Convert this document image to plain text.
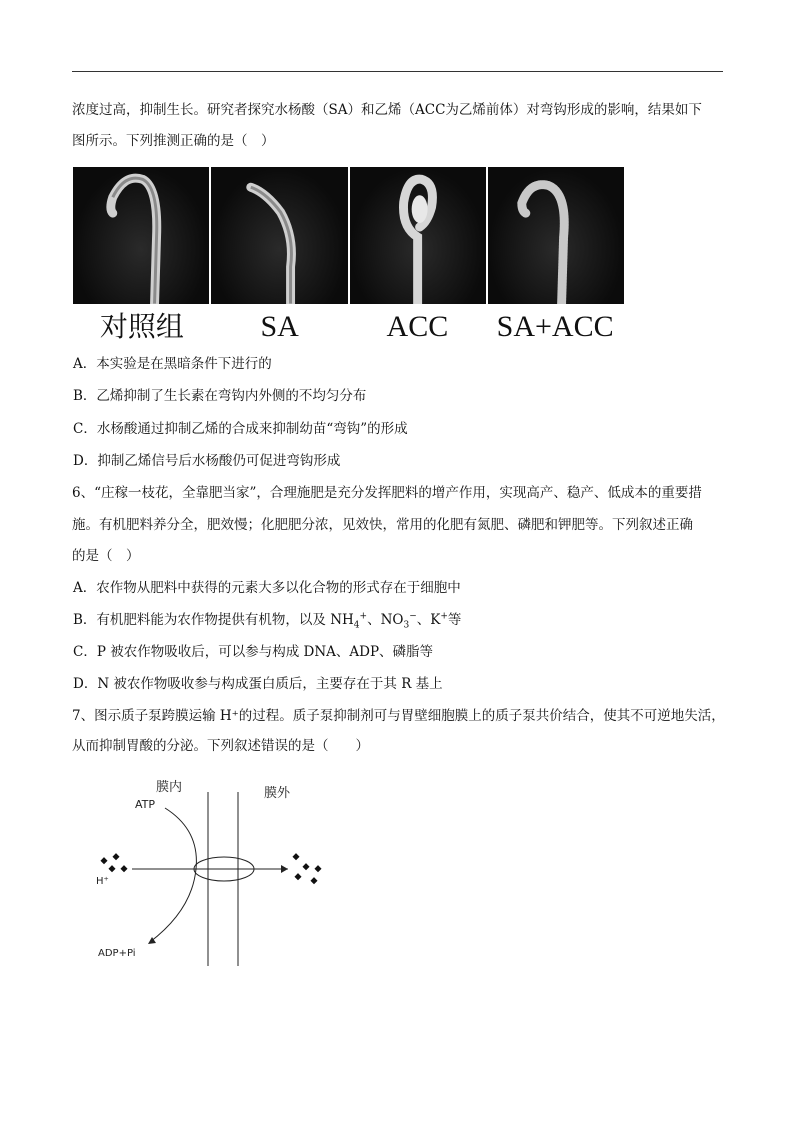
浓度过高，抑制生长。研究者探究水杨酸（SA）和乙烯（ACC为乙烯前体）对弯钩形成的影响，结果如下
图所示。下列推测正确的是（　）
对照组	SA	ACC	SA+ACC
A．本实验是在黑暗条件下进行的
B．乙烯抑制了生长素在弯钩内外侧的不均匀分布
C．水杨酸通过抑制乙烯的合成来抑制幼苗“弯钩”的形成
D．抑制乙烯信号后水杨酸仍可促进弯钩形成
6、“庄稼一枝花，全靠肥当家”，合理施肥是充分发挥肥料的增产作用，实现高产、稳产、低成本的重要措
施。有机肥料养分全，肥效慢；化肥肥分浓，见效快，常用的化肥有氮肥、磷肥和钾肥等。下列叙述正确
的是（　）
A．农作物从肥料中获得的元素大多以化合物的形式存在于细胞中
B．有机肥料能为农作物提供有机物，以及 $NH_4^+$、$NO_3^-$、K+等
C．P 被农作物吸收后，可以参与构成 DNA、ADP、磷脂等
D．N 被农作物吸收参与构成蛋白质后，主要存在于其 R 基上
7、图示质子泵跨膜运输 H⁺的过程。质子泵抑制剂可与胃壁细胞膜上的质子泵共价结合，使其不可逆地失活，
从而抑制胃酸的分泌。下列叙述错误的是（　　）
膜内	膜外
ATP
H⁺
ADP+Pi
